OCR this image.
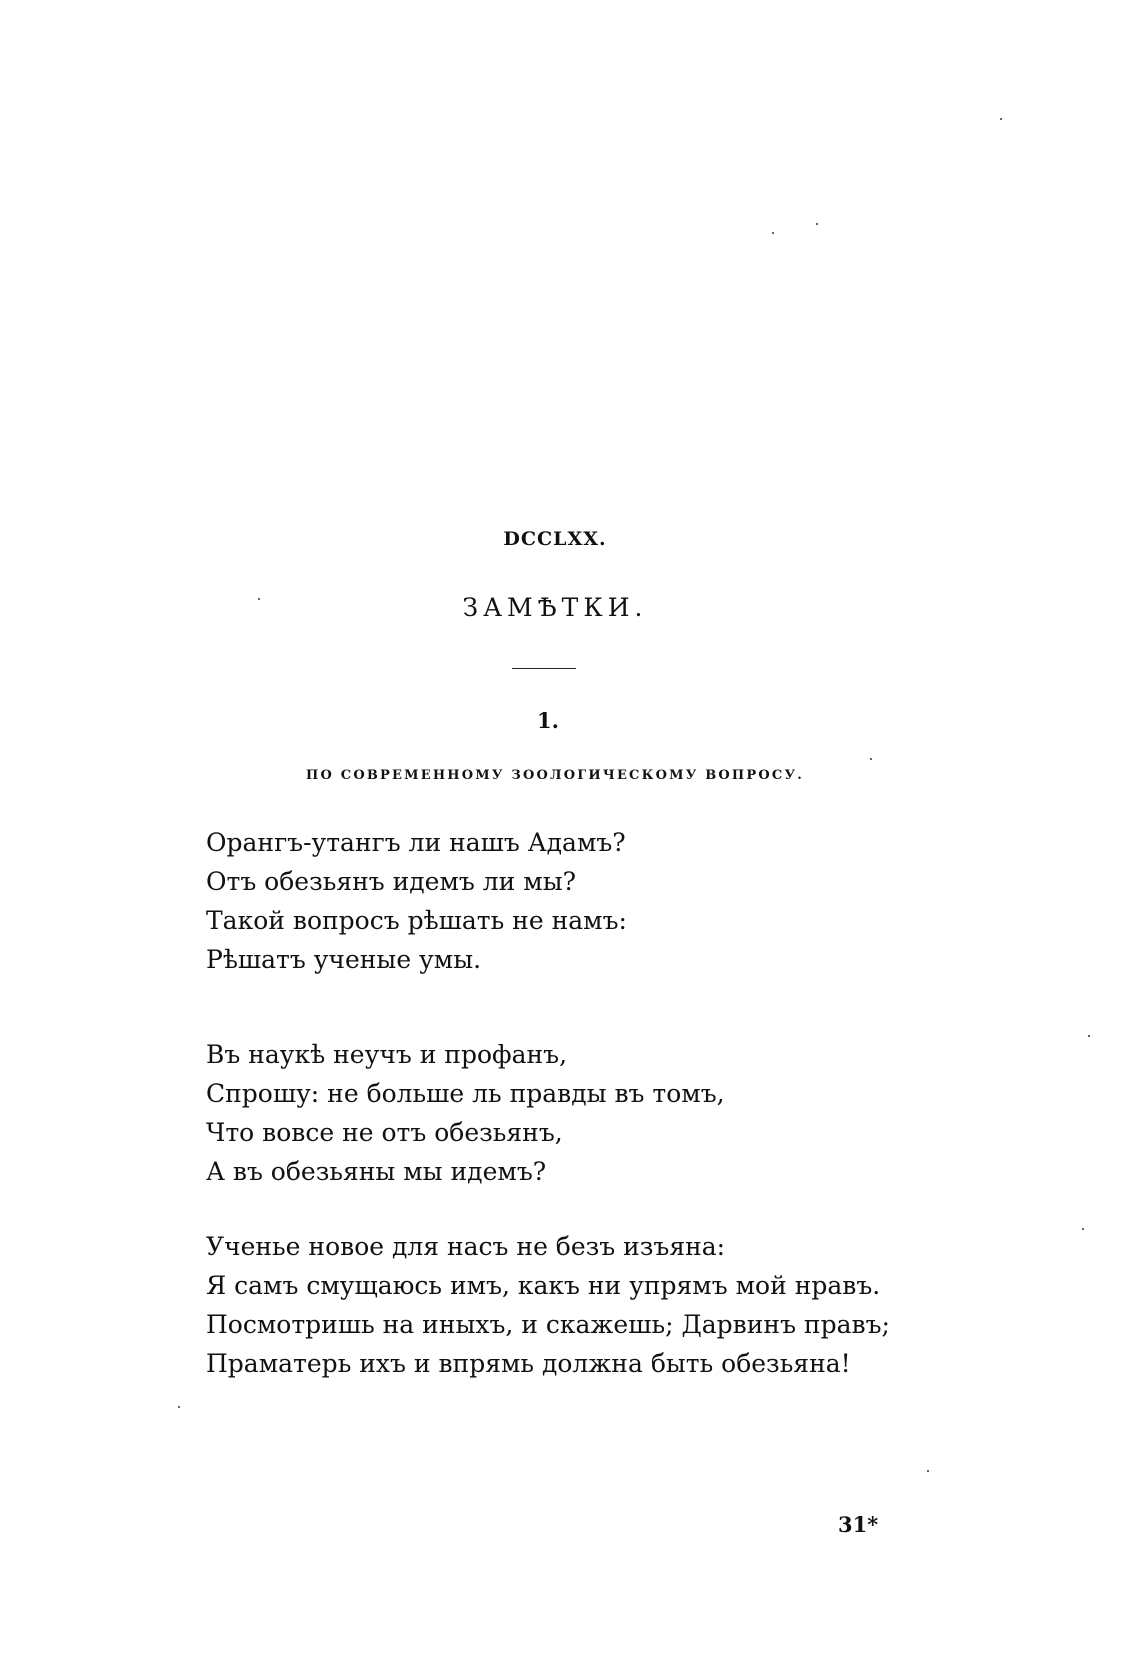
DCCLXX.
ЗАМѢТКИ.
1.
ПО СОВРЕМЕННОМУ ЗООЛОГИЧЕСКОМУ ВОПРОСУ.
Орангъ-утангъ ли нашъ Адамъ?
Отъ обезьянъ идемъ ли мы?
Такой вопросъ рѣшать не намъ:
Рѣшатъ ученые умы.
Въ наукѣ неучъ и профанъ,
Спрошу: не больше ль правды въ томъ,
Что вовсе не отъ обезьянъ,
А въ обезьяны мы идемъ?
Ученье новое для насъ не безъ изъяна:
Я самъ смущаюсь имъ, какъ ни упрямъ мой нравъ.
Посмотришь на иныхъ, и скажешь; Дарвинъ правъ;
Праматерь ихъ и впрямь должна быть обезьяна!
31*
